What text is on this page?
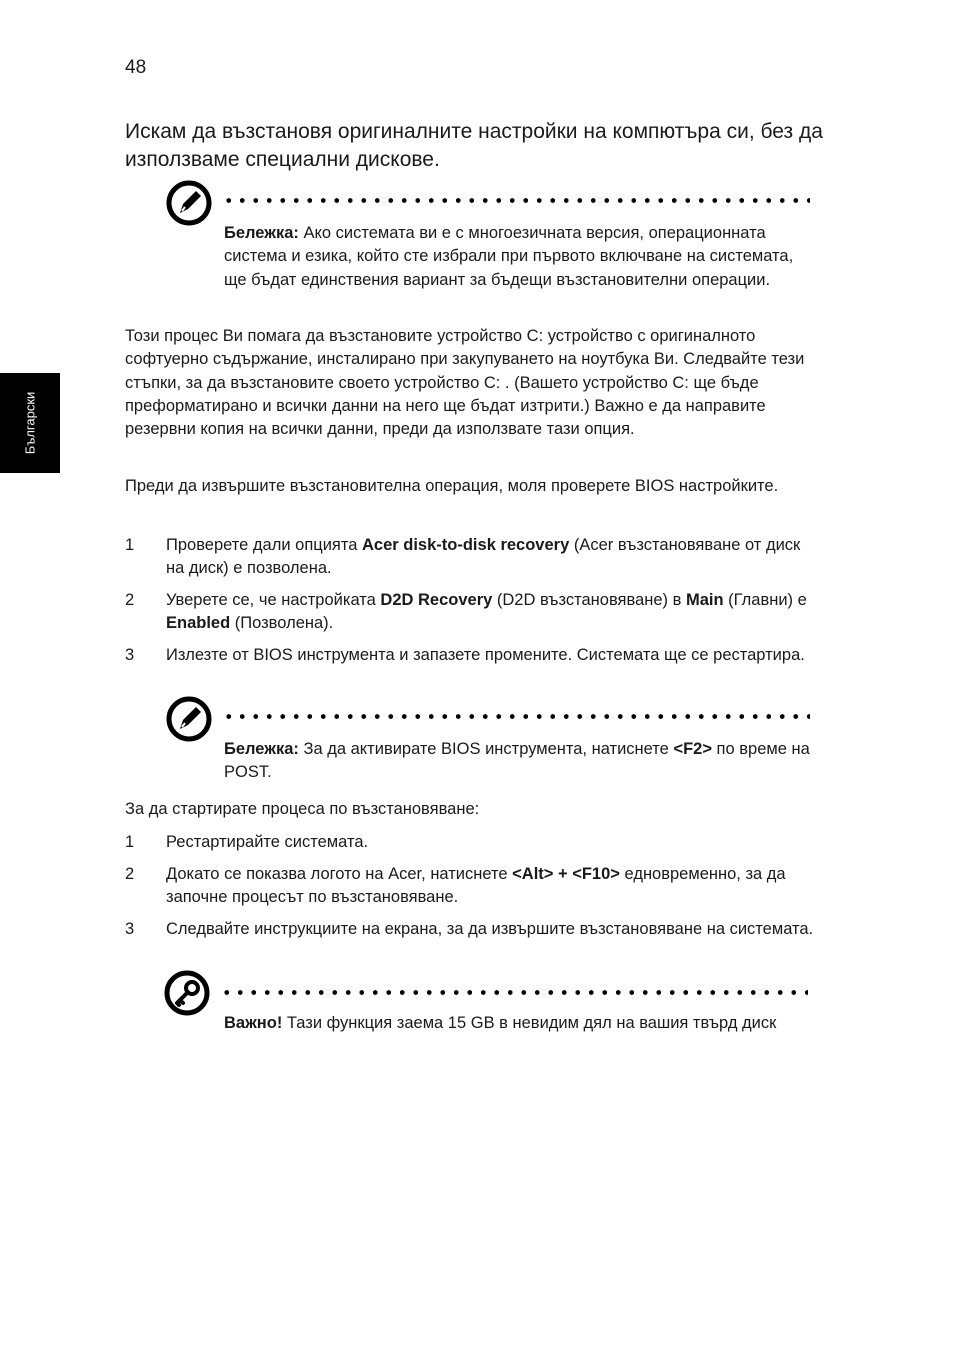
48
Български
Искам да възстановя оригиналните настройки на компютъра си, без да използваме специални дискове.
Бележка: Ако системата ви е с многоезичната версия, операционната система и езика, който сте избрали при първото включване на системата, ще бъдат единствения вариант за бъдещи възстановителни операции.
Този процес Ви помага да възстановите устройство C: устройство с оригиналното софтуерно съдържание, инсталирано при закупуването на ноутбука Ви. Следвайте тези стъпки, за да възстановите своето устройство C: . (Вашето устройство C: ще бъде преформатирано и всички данни на него ще бъдат изтрити.) Важно е да направите резервни копия на всички данни, преди да използвате тази опция.
Преди да извършите възстановителна операция, моля проверете BIOS настройките.
1 Проверете дали опцията Acer disk-to-disk recovery (Acer възстановяване от диск на диск) е позволена.
2 Уверете се, че настройката D2D Recovery (D2D възстановяване) в Main (Главни) е Enabled (Позволена).
3 Излезте от BIOS инструмента и запазете промените. Системата ще се рестартира.
Бележка: За да активирате BIOS инструмента, натиснете <F2> по време на POST.
За да стартирате процеса по възстановяване:
1 Рестартирайте системата.
2 Докато се показва логото на Acer, натиснете <Alt> + <F10> едновременно, за да започне процесът по възстановяване.
3 Следвайте инструкциите на екрана, за да извършите възстановяване на системата.
Важно! Тази функция заема 15 GB в невидим дял на вашия твърд диск
